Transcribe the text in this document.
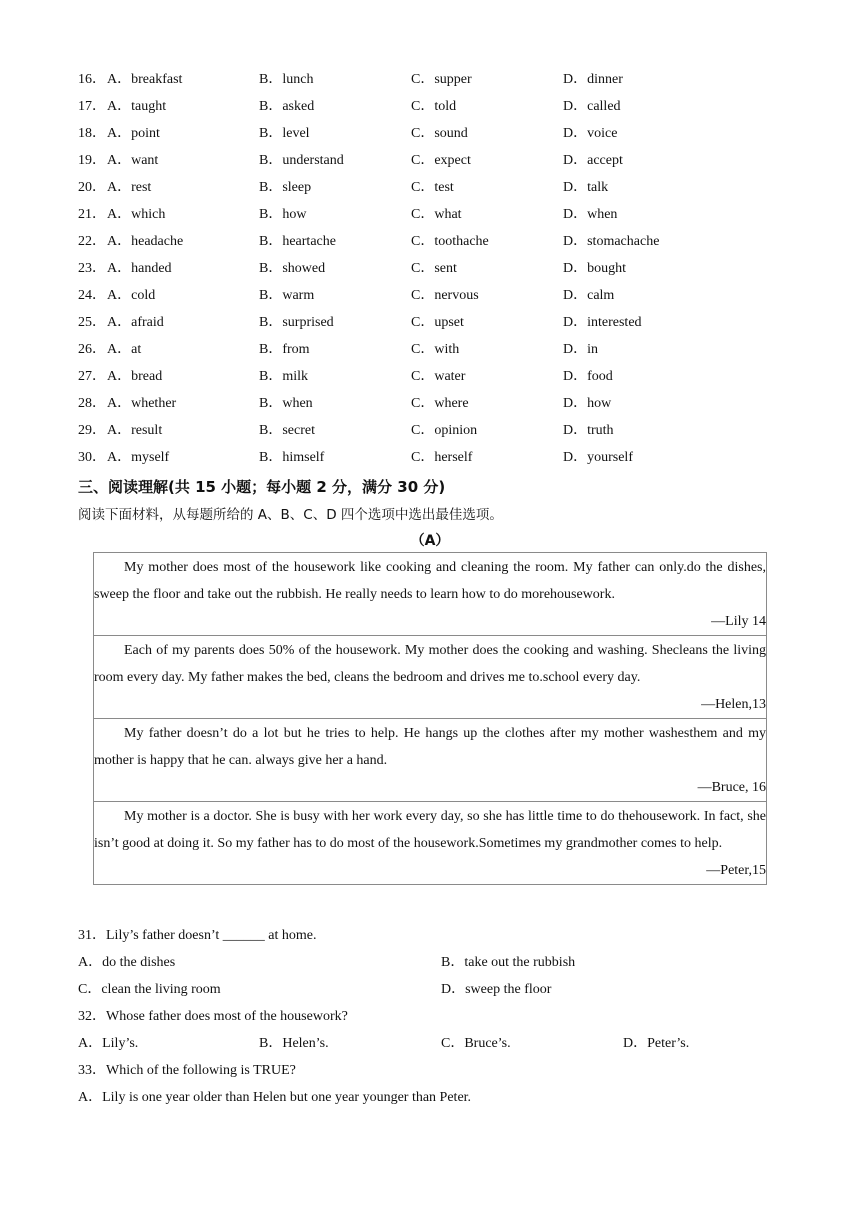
16． A．breakfast	B．lunch	C．supper	D．dinner
17． A．taught	B．asked	C．told	D．called
18． A．point	B．level	C．sound	D．voice
19． A．want	B．understand	C．expect	D．accept
20． A．rest	B．sleep	C．test	D．talk
21． A．which	B．how	C．what	D．when
22． A．headache	B．heartache	C．toothache	D．stomachache
23． A．handed	B．showed	C．sent	D．bought
24． A．cold	B．warm	C．nervous	D．calm
25． A．afraid	B．surprised	C．upset	D．interested
26． A．at	B．from	C．with	D．in
27． A．bread	B．milk	C．water	D．food
28． A．whether	B．when	C．where	D．how
29． A．result	B．secret	C．opinion	D．truth
30． A．myself	B．himself	C．herself	D．yourself
三、阅读理解(共 15 小题；每小题 2 分，满分 30 分)
阅读下面材料，从每题所给的 A、B、C、D 四个选项中选出最佳选项。
（A）
My mother does most of the housework like cooking and cleaning the room. My father can only.do the dishes, sweep the floor and take out the rubbish. He really needs to learn how to do morehousework.
—Lily 14

Each of my parents does 50% of the housework. My mother does the cooking and washing. Shecleans the living room every day. My father makes the bed, cleans the bedroom and drives me to.school every day.
—Helen,13

My father doesn’t do a lot but he tries to help. He hangs up the clothes after my mother washesthem and my mother is happy that he can. always give her a hand.
—Bruce, 16

My mother is a doctor. She is busy with her work every day, so she has little time to do thehousework. In fact, she isn’t good at doing it. So my father has to do most of the housework.Sometimes my grandmother comes to help.
—Peter,15
31．Lily’s father doesn’t ______ at home.
A．do the dishes	B．take out the rubbish
C．clean the living room	D．sweep the floor
32．Whose father does most of the housework?
A．Lily’s.	B．Helen’s.	C．Bruce’s.	D．Peter’s.
33．Which of the following is TRUE?
A．Lily is one year older than Helen but one year younger than Peter.
